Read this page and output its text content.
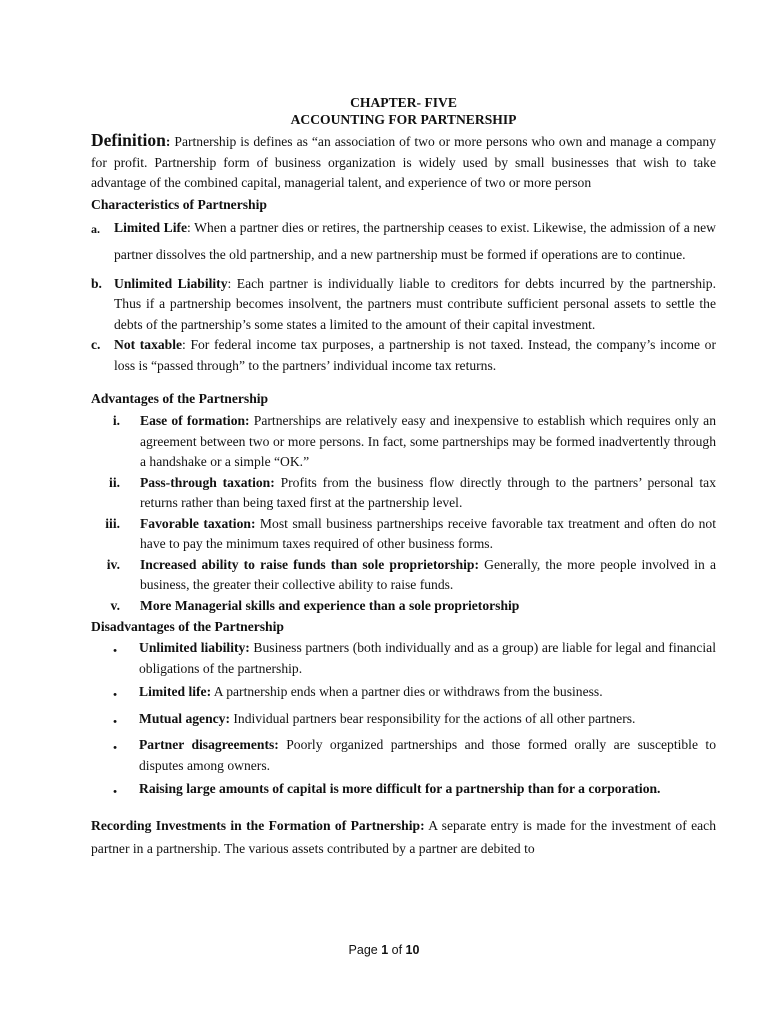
CHAPTER- FIVE
ACCOUNTING FOR PARTNERSHIP

Definition: Partnership is defines as “an association of two or more persons who own and manage a company for profit. Partnership form of business organization is widely used by small businesses that wish to take advantage of the combined capital, managerial talent, and experience of two or more person

Characteristics of Partnership
a.	Limited Life: When a partner dies or retires, the partnership ceases to exist. Likewise, the admission of a new partner dissolves the old partnership, and a new partnership must be formed if operations are to continue.
b. Unlimited Liability: Each partner is individually liable to creditors for debts incurred by the partnership. Thus if a partnership becomes insolvent, the partners must contribute sufficient personal assets to settle the debts of the partnership’s some states a limited to the amount of their capital investment.
c. Not taxable: For federal income tax purposes, a partnership is not taxed. Instead, the company’s income or loss is “passed through” to the partners’ individual income tax returns.
Advantages of the Partnership
i.	Ease of formation: Partnerships are relatively easy and inexpensive to establish which requires only an agreement between two or more persons. In fact, some partnerships may be formed inadvertently through a handshake or a simple “OK.”
ii.	Pass-through taxation: Profits from the business flow directly through to the partners’ personal tax returns rather than being taxed first at the partnership level.
iii.	Favorable taxation: Most small business partnerships receive favorable tax treatment and often do not have to pay the minimum taxes required of other business forms.
iv.	Increased ability to raise funds than sole proprietorship: Generally, the more people involved in a business, the greater their collective ability to raise funds.
v.	More Managerial skills and experience than a sole proprietorship
Disadvantages of the Partnership
•	Unlimited liability: Business partners (both individually and as a group) are liable for legal and financial obligations of the partnership.
•	Limited life: A partnership ends when a partner dies or withdraws from the business.
•	Mutual agency: Individual partners bear responsibility for the actions of all other partners.
•	Partner disagreements: Poorly organized partnerships and those formed orally are susceptible to disputes among owners.
•	Raising large amounts of capital is more difficult for a partnership than for a corporation.

Recording Investments in the Formation of Partnership: A separate entry is made for the investment of each partner in a partnership. The various assets contributed by a partner are debited to

Page 1 of 10
